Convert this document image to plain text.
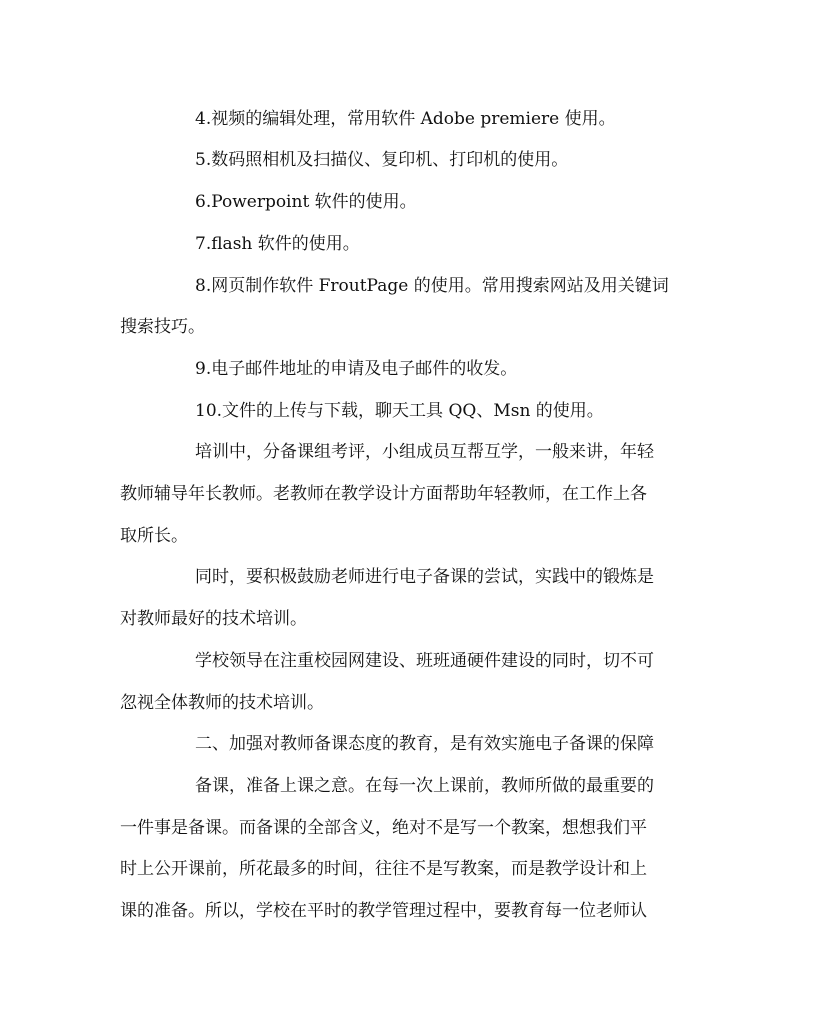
4.视频的编辑处理，常用软件 Adobe premiere 使用。
5.数码照相机及扫描仪、复印机、打印机的使用。
6.Powerpoint 软件的使用。
7.flash 软件的使用。
8.网页制作软件 FroutPage 的使用。常用搜索网站及用关键词
搜索技巧。
9.电子邮件地址的申请及电子邮件的收发。
10.文件的上传与下载，聊天工具 QQ、Msn 的使用。
培训中，分备课组考评，小组成员互帮互学，一般来讲，年轻
教师辅导年长教师。老教师在教学设计方面帮助年轻教师，在工作上各
取所长。
同时，要积极鼓励老师进行电子备课的尝试，实践中的锻炼是
对教师最好的技术培训。
学校领导在注重校园网建设、班班通硬件建设的同时，切不可
忽视全体教师的技术培训。
二、加强对教师备课态度的教育，是有效实施电子备课的保障
备课，准备上课之意。在每一次上课前，教师所做的最重要的
一件事是备课。而备课的全部含义，绝对不是写一个教案，想想我们平
时上公开课前，所花最多的时间，往往不是写教案，而是教学设计和上
课的准备。所以，学校在平时的教学管理过程中，要教育每一位老师认
